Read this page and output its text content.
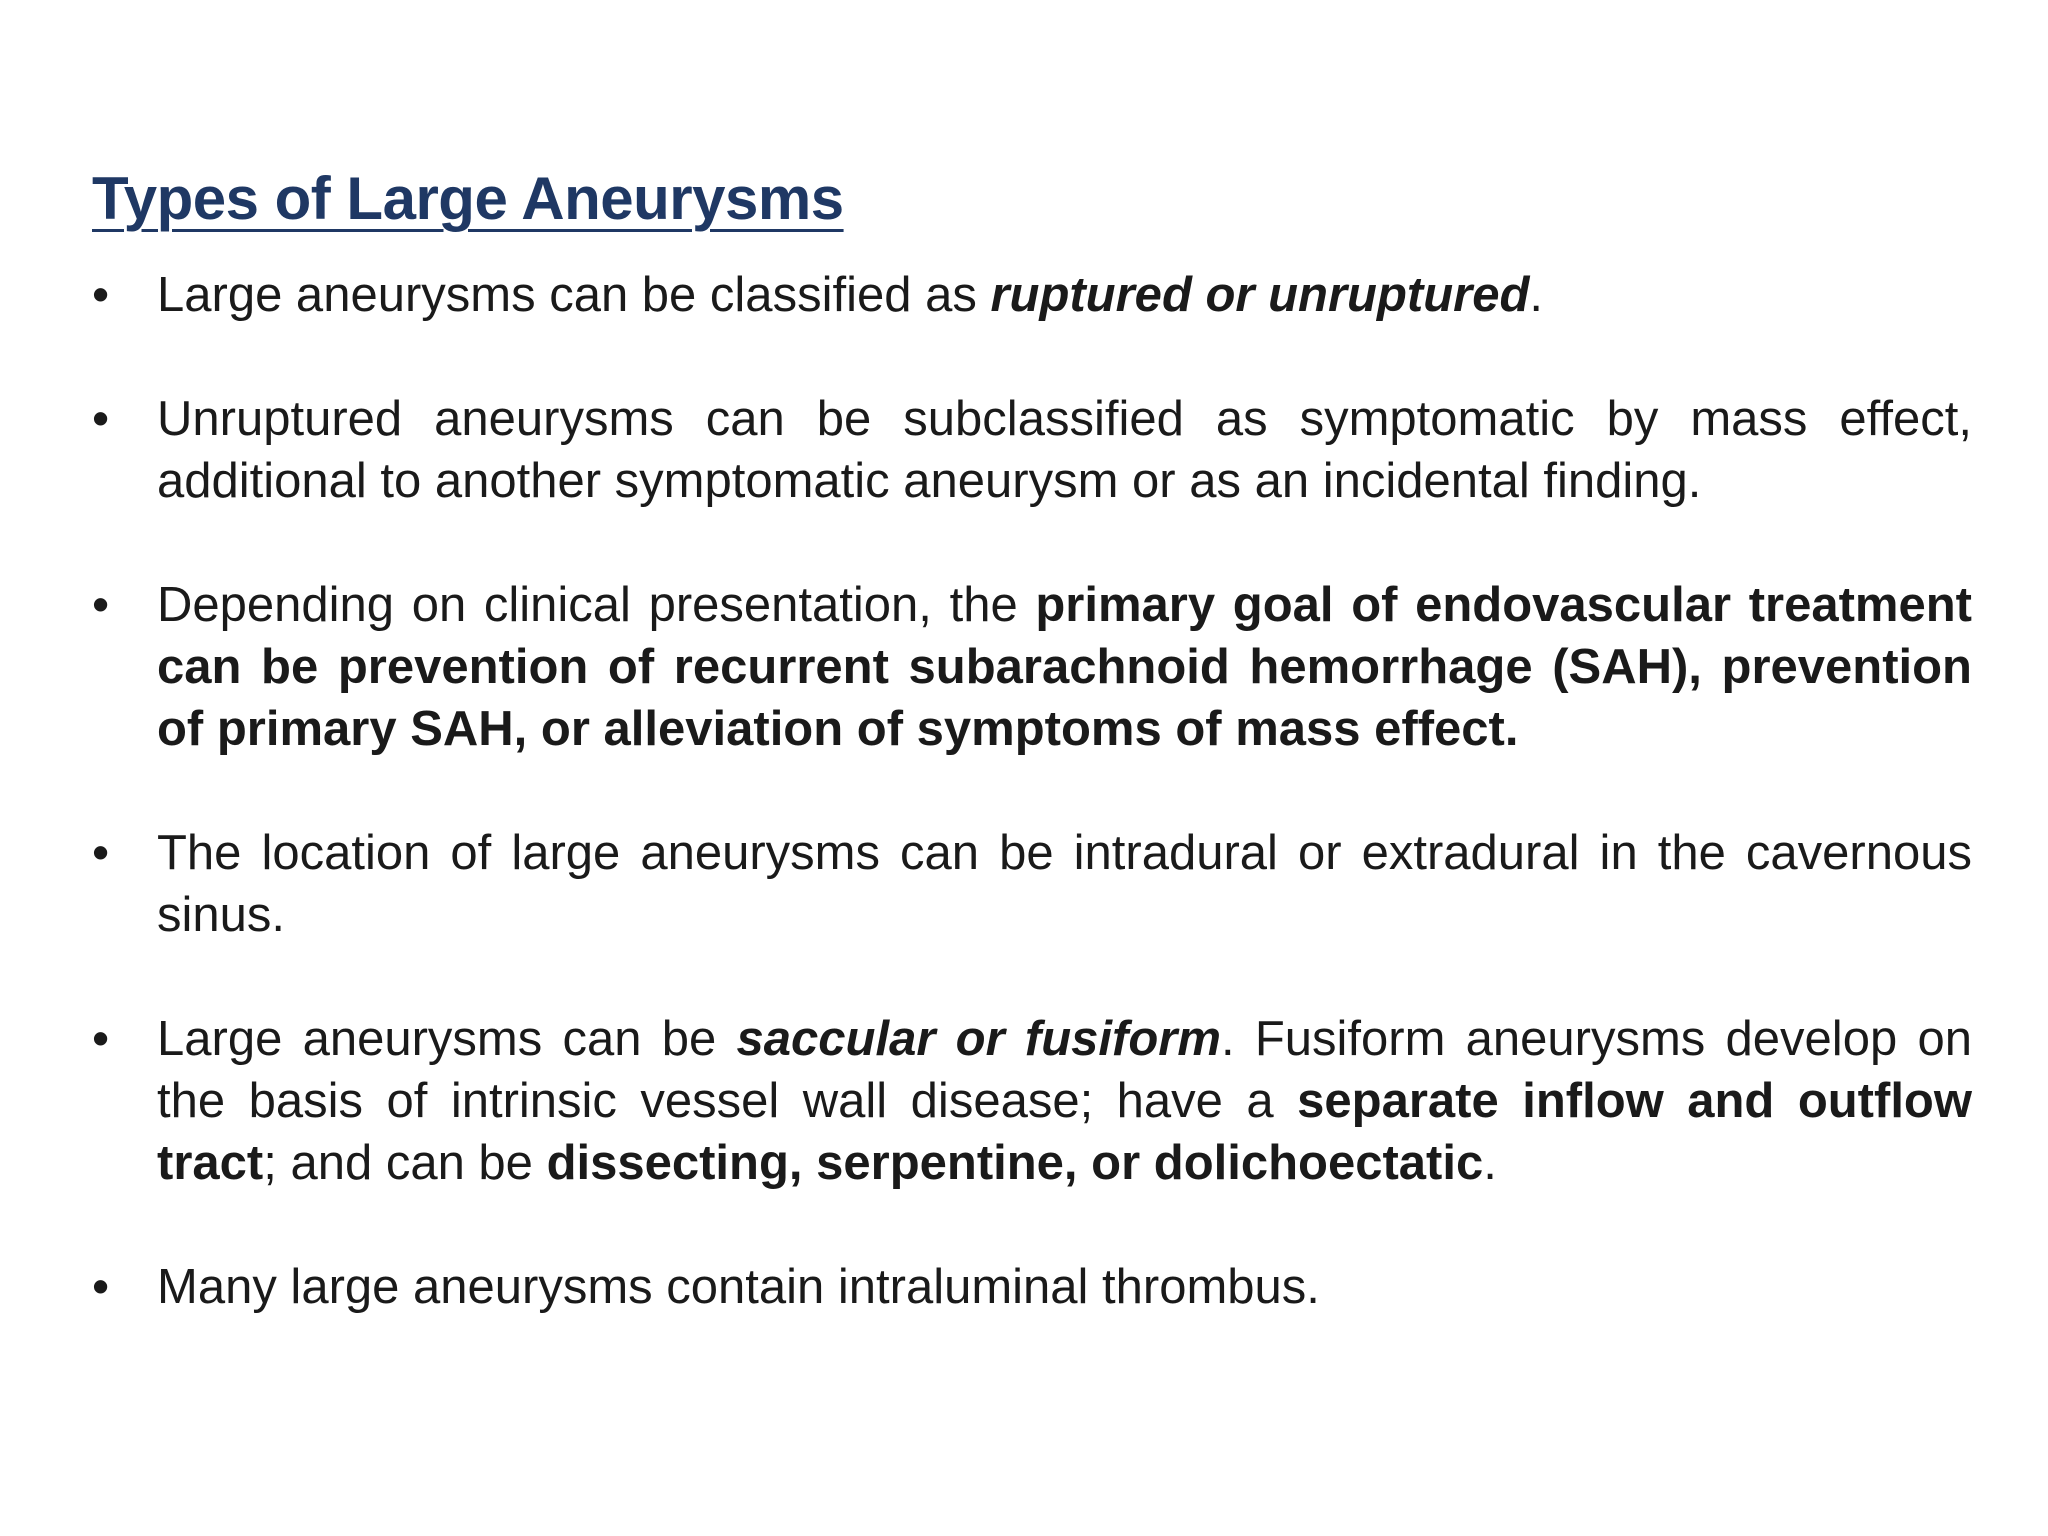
Types of Large Aneurysms
• Large aneurysms can be classified as ruptured or unruptured.
• Unruptured aneurysms can be subclassified as symptomatic by mass effect, additional to another symptomatic aneurysm or as an incidental finding.
• Depending on clinical presentation, the primary goal of endovascular treatment can be prevention of recurrent subarachnoid hemorrhage (SAH), prevention of primary SAH, or alleviation of symptoms of mass effect.
• The location of large aneurysms can be intradural or extradural in the cavernous sinus.
• Large aneurysms can be saccular or fusiform. Fusiform aneurysms develop on the basis of intrinsic vessel wall disease; have a separate inflow and outflow tract; and can be dissecting, serpentine, or dolichoectatic.
• Many large aneurysms contain intraluminal thrombus.
